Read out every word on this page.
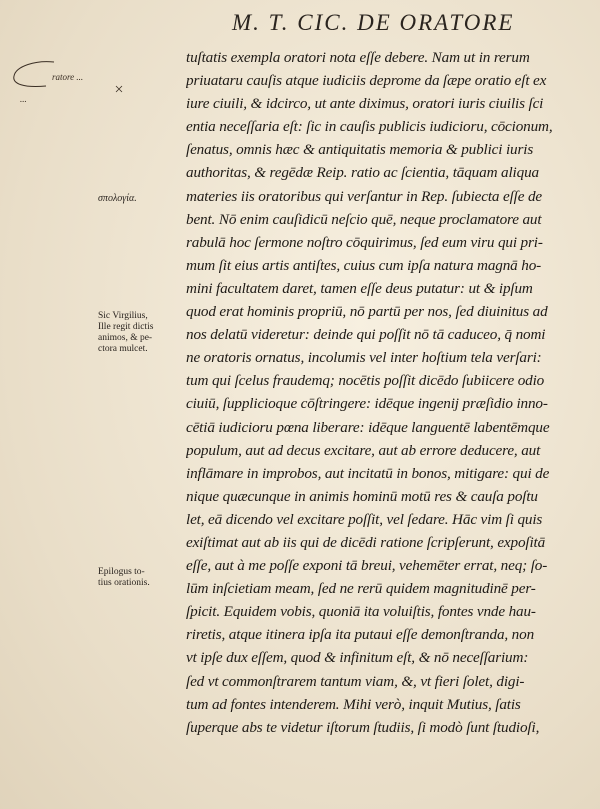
M. T. CIC. DE ORATORE
ratore ...
...
σπολογία.
Sic Virgilius,
Ille regit dictis
animos, & pe-
ctora mulcet.
Epilogus to-
tius orationis.
tuſtatis exempla oratori nota eſſe debere. Nam ut in rerum
priuataru cauſis atque iudiciis deprome da ſæpe oratio eſt ex
iure ciuili, & idcirco, ut ante diximus, oratori iuris ciuilis ſci
entia neceſſaria eſt: ſic in cauſis publicis iudicioru, cōcionum,
ſenatus, omnis hæc & antiquitatis memoria & publici iuris
authoritas, & regēdæ Reip. ratio ac ſcientia, tāquam aliqua
materies iis oratoribus qui verſantur in Rep. ſubiecta eſſe de
bent. Nō enim cauſidicū neſcio quē, neque proclamatore aut
rabulā hoc ſermone noſtro cōquirimus, ſed eum viru qui pri-
mum ſit eius artis antiſtes, cuius cum ipſa natura magnā ho-
mini facultatem daret, tamen eſſe deus putatur: ut & ipſum
quod erat hominis propriū, nō partū per nos, ſed diuinitus ad
nos delatū videretur: deinde qui poſſit nō tā caduceo, q̄ nomi
ne oratoris ornatus, incolumis vel inter hoſtium tela verſari:
tum qui ſcelus fraudemq; nocētis poſſit dicēdo ſubiicere odio
ciuiū, ſupplicioque cōſtringere: idēque ingenij præſidio inno-
cētiā iudicioru pœna liberare: idēque languentē labentēmque
populum, aut ad decus excitare, aut ab errore deducere, aut
inflāmare in improbos, aut incitatū in bonos, mitigare: qui de
nique quæcunque in animis hominū motū res & cauſa poſtu
let, eā dicendo vel excitare poſſit, vel ſedare. Hāc vim ſi quis
exiſtimat aut ab iis qui de dicēdi ratione ſcripſerunt, expoſitā
eſſe, aut à me poſſe exponi tā breui, vehemēter errat, neq; ſo-
lūm inſcietiam meam, ſed ne rerū quidem magnitudinē per-
ſpicit. Equidem vobis, quoniā ita voluiſtis, fontes vnde hau-
riretis, atque itinera ipſa ita putaui eſſe demonſtranda, non
vt ipſe dux eſſem, quod & infinitum eſt, & nō neceſſarium:
ſed vt commonſtrarem tantum viam, &, vt fieri ſolet, digi-
tum ad fontes intenderem. Mihi verò, inquit Mutius, ſatis
ſuperque abs te videtur iſtorum ſtudiis, ſi modò ſunt ſtudioſi,
